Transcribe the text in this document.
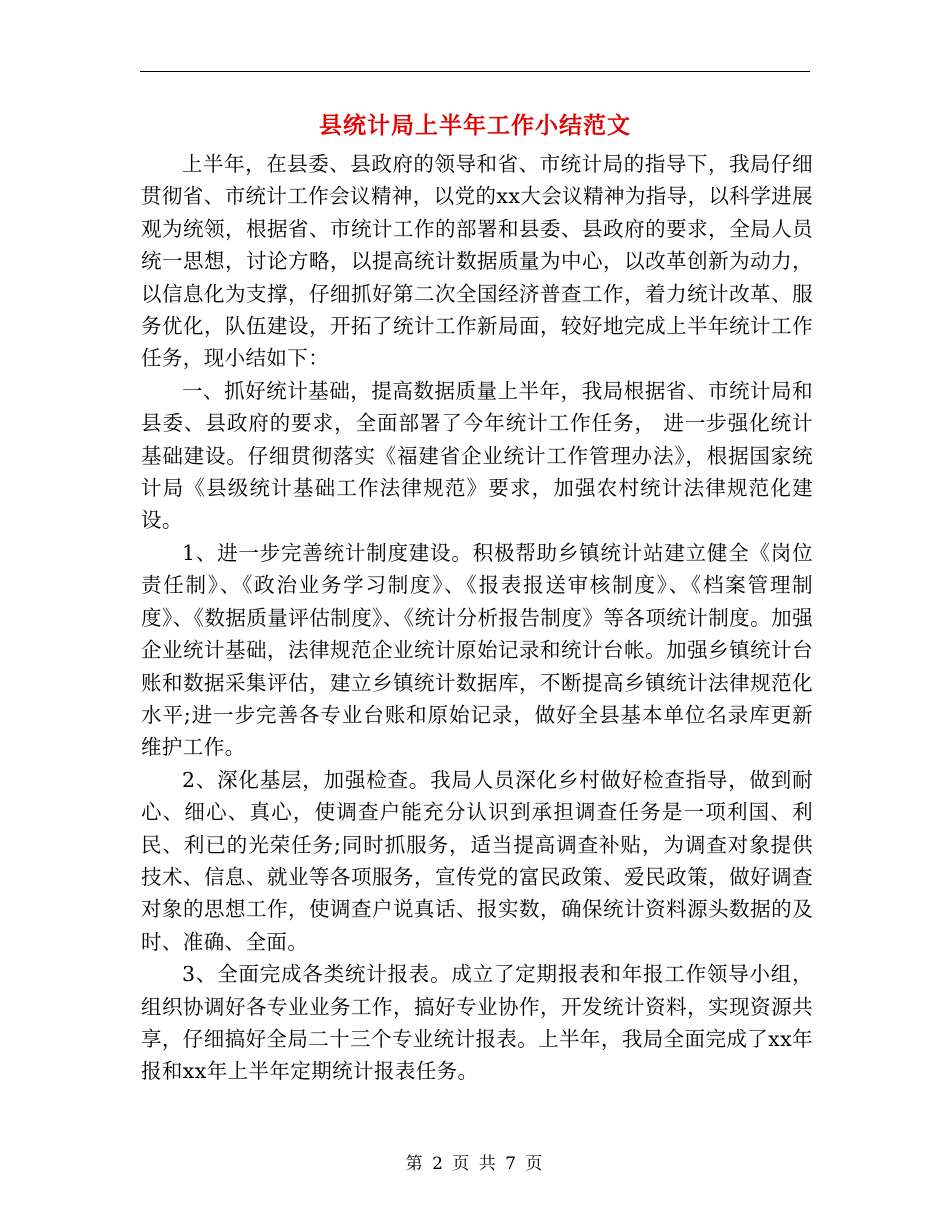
县统计局上半年工作小结范文

上半年，在县委、县政府的领导和省、市统计局的指导下，我局仔细贯彻省、市统计工作会议精神，以党的xx大会议精神为指导，以科学进展观为统领，根据省、市统计工作的部署和县委、县政府的要求，全局人员统一思想，讨论方略，以提高统计数据质量为中心，以改革创新为动力，以信息化为支撑，仔细抓好第二次全国经济普查工作，着力统计改革、服务优化，队伍建设，开拓了统计工作新局面，较好地完成上半年统计工作任务，现小结如下：

一、抓好统计基础，提高数据质量上半年，我局根据省、市统计局和县委、县政府的要求，全面部署了今年统计工作任务， 进一步强化统计基础建设。仔细贯彻落实《福建省企业统计工作管理办法》，根据国家统计局《县级统计基础工作法律规范》要求，加强农村统计法律规范化建设。

1、进一步完善统计制度建设。积极帮助乡镇统计站建立健全《岗位责任制》、《政治业务学习制度》、《报表报送审核制度》、《档案管理制度》、《数据质量评估制度》、《统计分析报告制度》等各项统计制度。加强企业统计基础，法律规范企业统计原始记录和统计台帐。加强乡镇统计台账和数据采集评估，建立乡镇统计数据库，不断提高乡镇统计法律规范化水平;进一步完善各专业台账和原始记录，做好全县基本单位名录库更新维护工作。

2、深化基层，加强检查。我局人员深化乡村做好检查指导，做到耐心、细心、真心，使调查户能充分认识到承担调查任务是一项利国、利民、利已的光荣任务;同时抓服务，适当提高调查补贴，为调查对象提供技术、信息、就业等各项服务，宣传党的富民政策、爱民政策，做好调查对象的思想工作，使调查户说真话、报实数，确保统计资料源头数据的及时、准确、全面。

3、全面完成各类统计报表。成立了定期报表和年报工作领导小组，组织协调好各专业业务工作，搞好专业协作，开发统计资料，实现资源共享，仔细搞好全局二十三个专业统计报表。上半年，我局全面完成了xx年报和xx年上半年定期统计报表任务。

第 2 页 共 7 页
